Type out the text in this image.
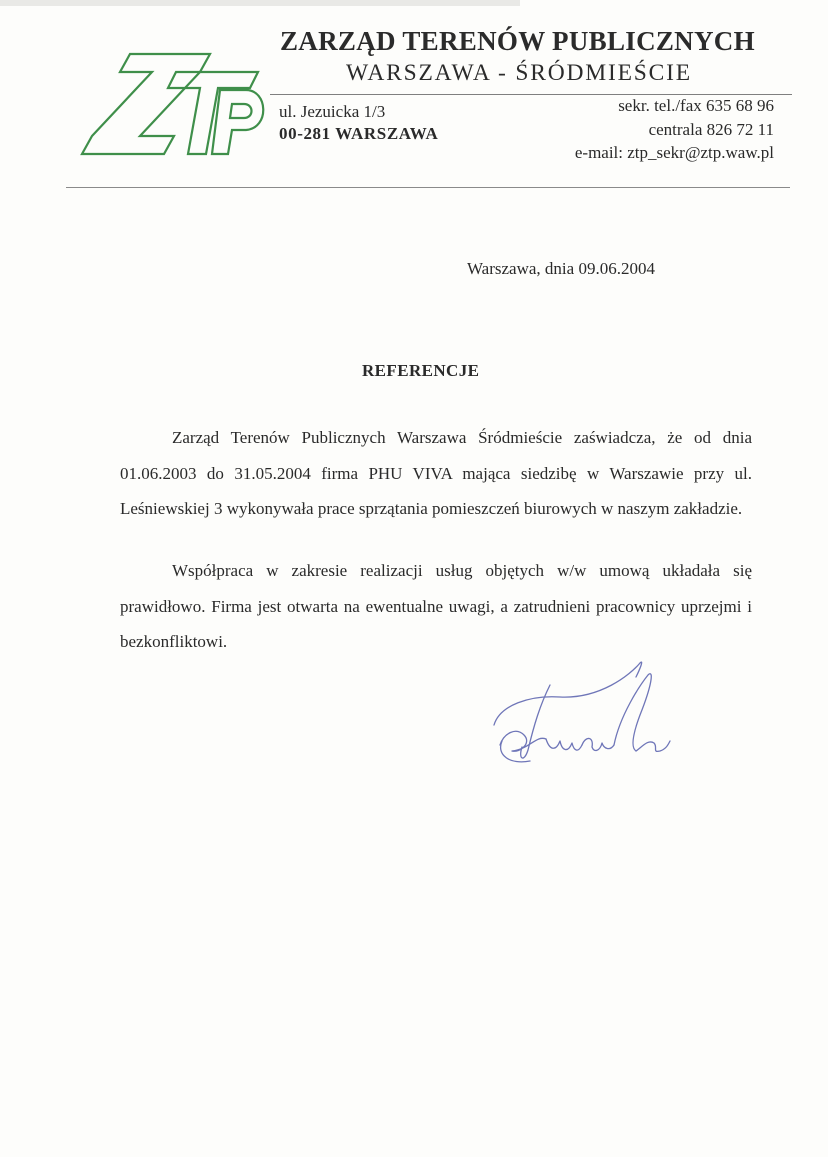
ZARZĄD TERENÓW PUBLICZNYCH
WARSZAWA - ŚRÓDMIEŚCIE
ul. Jezuicka 1/3
00-281 WARSZAWA
sekr. tel./fax 635 68 96
centrala 826 72 11
e-mail: ztp_sekr@ztp.waw.pl
Warszawa, dnia 09.06.2004
REFERENCJE

Zarząd Terenów Publicznych Warszawa Śródmieście zaświadcza, że od dnia 01.06.2003 do 31.05.2004 firma PHU VIVA mająca siedzibę w Warszawie przy ul. Leśniewskiej 3 wykonywała prace sprzątania pomieszczeń biurowych w naszym zakładzie.

Współpraca w zakresie realizacji usług objętych w/w umową układała się prawidłowo. Firma jest otwarta na ewentualne uwagi, a zatrudnieni pracownicy uprzejmi i bezkonfliktowi.
